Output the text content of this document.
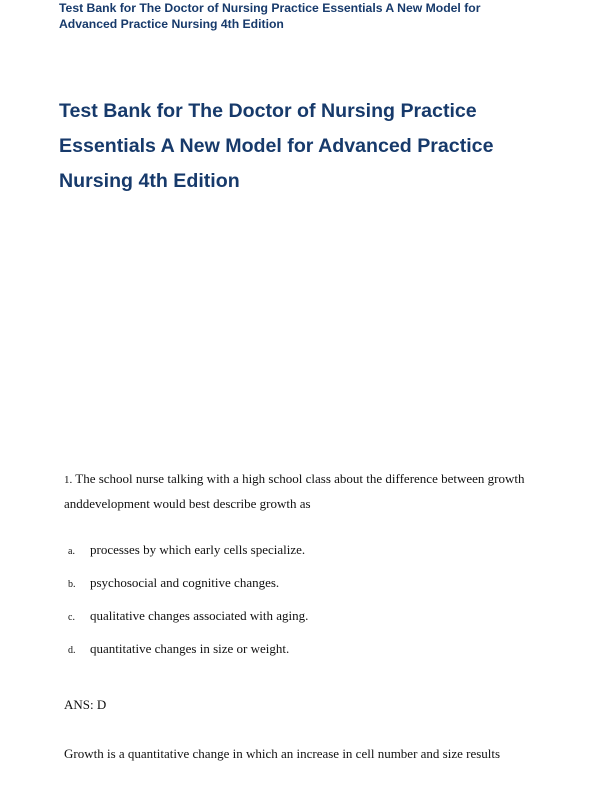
Test Bank for The Doctor of Nursing Practice Essentials A New Model for Advanced Practice Nursing 4th Edition
Test Bank for The Doctor of Nursing Practice Essentials A New Model for Advanced Practice Nursing 4th Edition
1. The school nurse talking with a high school class about the difference between growth anddevelopment would best describe growth as
a. processes by which early cells specialize.
b. psychosocial and cognitive changes.
c. qualitative changes associated with aging.
d. quantitative changes in size or weight.
ANS: D
Growth is a quantitative change in which an increase in cell number and size results
